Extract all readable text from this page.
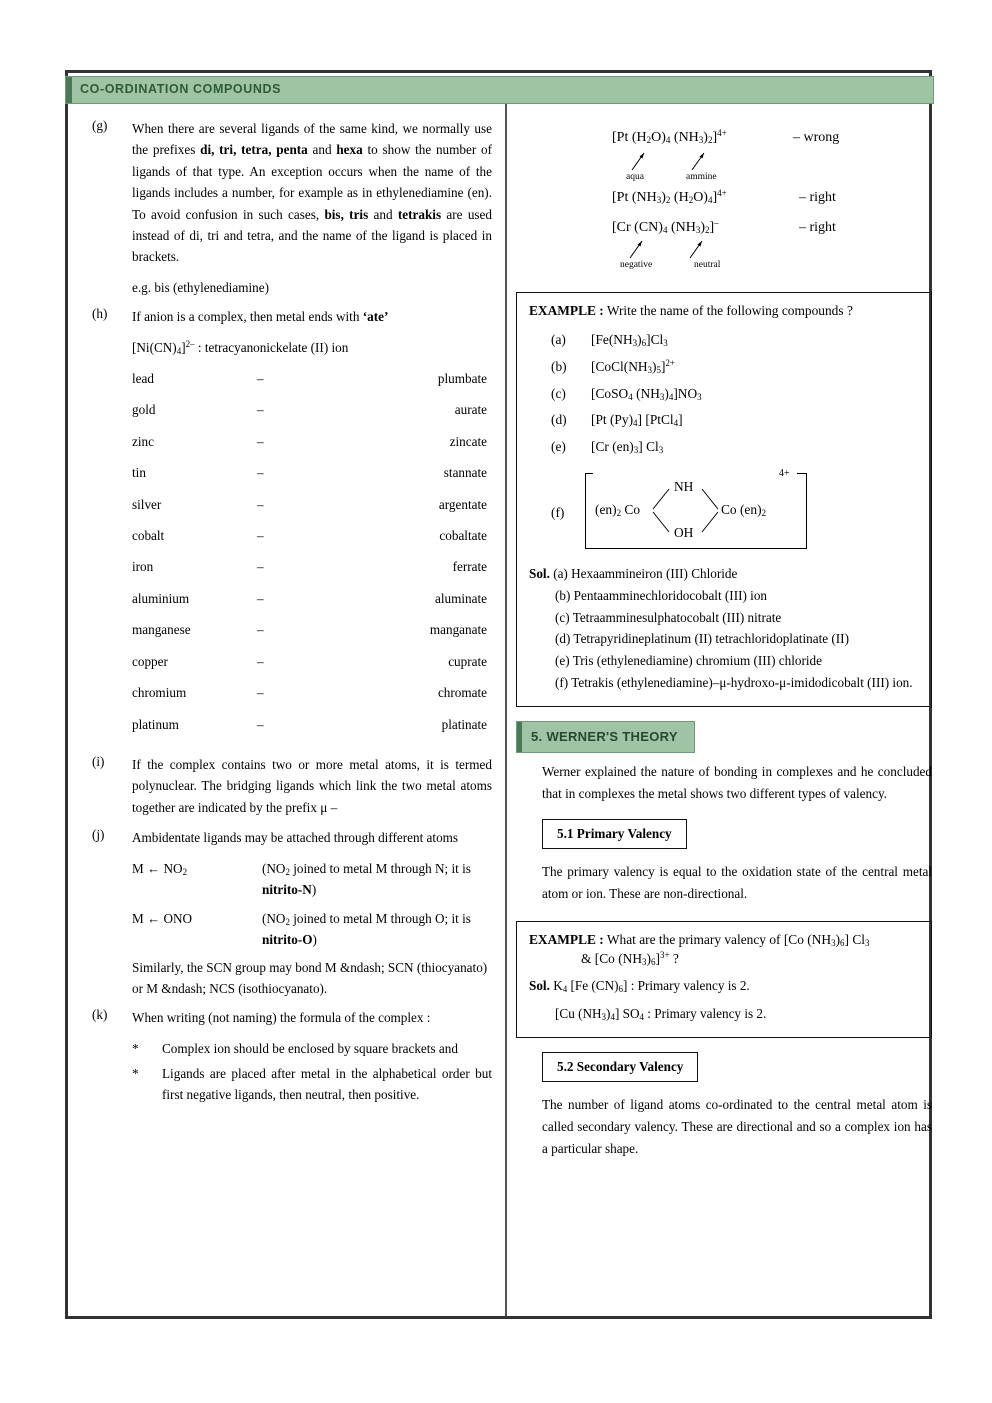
CO-ORDINATION COMPOUNDS
(g)	When there are several ligands of the same kind, we normally use the prefixes di, tri, tetra, penta and hexa to show the number of ligands of that type. An exception occurs when the name of the ligands includes a number, for example as in ethylenediamine (en). To avoid confusion in such cases, bis, tris and tetrakis are used instead of di, tri and tetra, and the name of the ligand is placed in brackets.
e.g. bis (ethylenediamine)
(h)	If anion is a complex, then metal ends with ‘ate’
$[Ni(CN)_4]^{2-}$ : tetracyanonickelate (II) ion
lead	–	plumbate
gold	–	aurate
zinc	–	zincate
tin	–	stannate
silver	–	argentate
cobalt	–	cobaltate
iron	–	ferrate
aluminium	–	aluminate
manganese	–	manganate
copper	–	cuprate
chromium	–	chromate
platinum	–	platinate
(i)	If the complex contains two or more metal atoms, it is termed polynuclear. The bridging ligands which link the two metal atoms together are indicated by the prefix μ –
(j)	Ambidentate ligands may be attached through different atoms
M ← $NO_2$	($NO_2$ joined to metal M through N; it is nitrito-N)
M ← ONO	($NO_2$ joined to metal M through O; it is nitrito-O)
Similarly, the SCN group may bond M &ndash; SCN (thiocyanato) or M &ndash; NCS (isothiocyanato).
(k)	When writing (not naming) the formula of the complex :
* Complex ion should be enclosed by square brackets and
* Ligands are placed after metal in the alphabetical order but first negative ligands, then neutral, then positive.
[Pt $(H_2O)_4$ $(NH_3)_2]^{4+}$	– wrong
aqua	ammine
[Pt $(NH_3)_2$ $(H_2O)_4]^{4+}$	– right
[Cr $(CN)_4$ $(NH_3)_2]^-$	– right
negative	neutral
EXAMPLE : Write the name of the following compounds ?
(a)	$[Fe(NH_3)_6]Cl_3$
(b)	$[CoCl(NH_3)_5]^{2+}$
(c)	[CoSO$_4$ $(NH_3)_4]NO_3$
(d)	[Pt $(Py)_4$] [PtCl$_4$]
(e)	[Cr $(en)_3$] $Cl_3$
(f)
$(en)_2$ Co
NH
OH
Co $(en)_2$
4+
Sol. (a) Hexaammineiron (III) Chloride
(b) Pentaamminechloridocobalt (III) ion
(c) Tetraamminesulphatocobalt (III) nitrate
(d) Tetrapyridineplatinum (II) tetrachloridoplatinate (II)
(e) Tris (ethylenediamine) chromium (III) chloride
(f) Tetrakis (ethylenediamine)–μ-hydroxo-μ-imidodicobalt (III) ion.
5. WERNER'S THEORY
Werner explained the nature of bonding in complexes and he concluded that in complexes the metal shows two different types of valency.
5.1 Primary Valency
The primary valency is equal to the oxidation state of the central metal atom or ion. These are non-directional.
EXAMPLE : What are the primary valency of [Co $(NH_3)_6$] $Cl_3$
& [Co $(NH_3)_6]^{3+}$ ?
Sol. $K_4$ [Fe $(CN)_6$] : Primary valency is 2.
[Cu $(NH_3)_4$] $SO_4$ : Primary valency is 2.
5.2 Secondary Valency
The number of ligand atoms co-ordinated to the central metal atom is called secondary valency. These are directional and so a complex ion has a particular shape.
